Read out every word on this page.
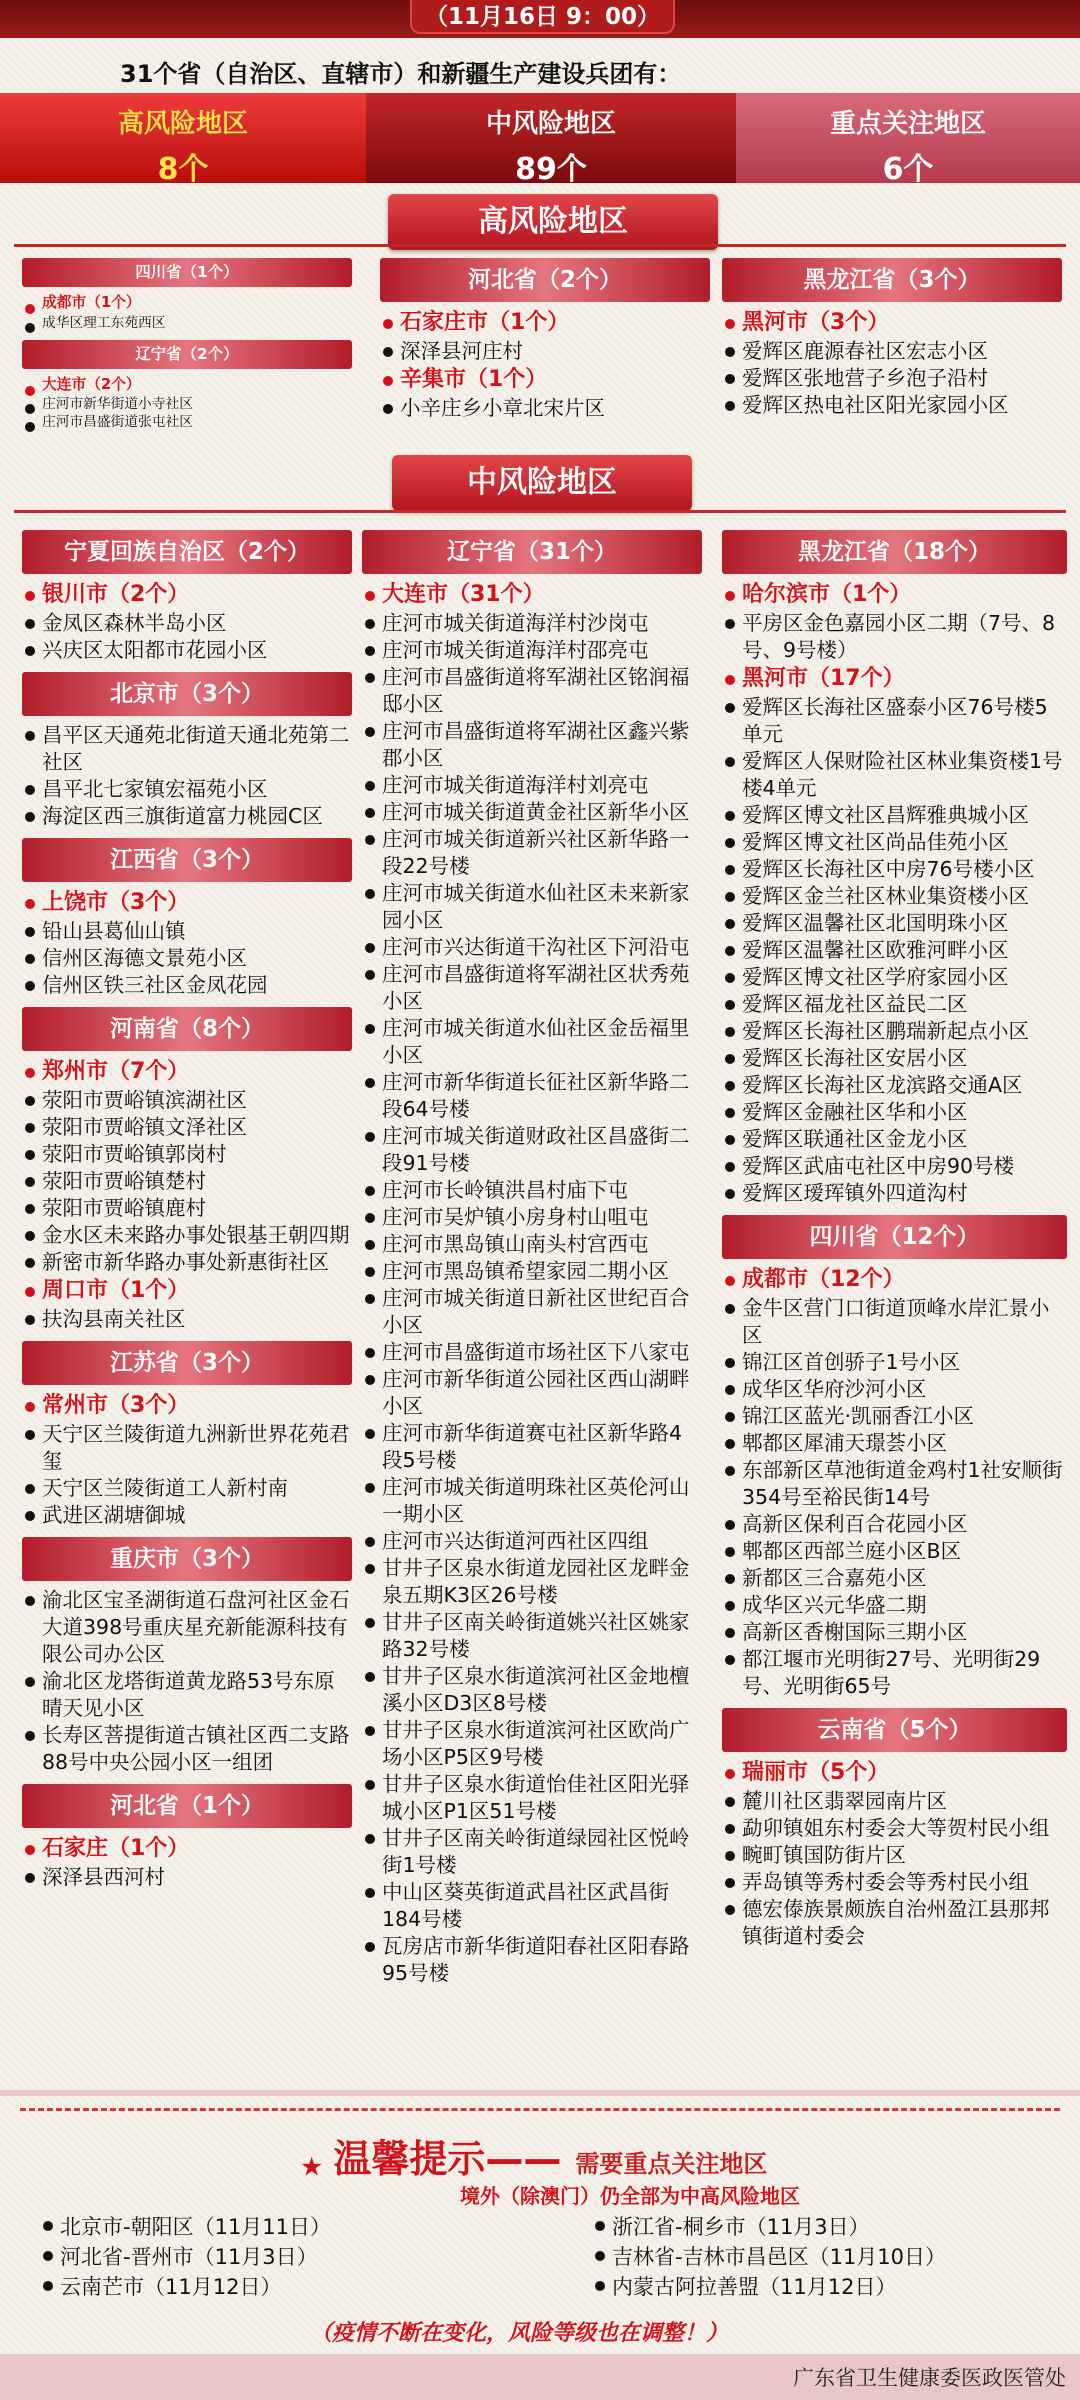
（11月16日 9：00）
31个省（自治区、直辖市）和新疆生产建设兵团有：
高风险地区
8个
中风险地区
89个
重点关注地区
6个
高风险地区
四川省（1个）
成都市（1个）
成华区理工东苑西区
辽宁省（2个）
大连市（2个）
庄河市新华街道小寺社区
庄河市昌盛街道张屯社区
河北省（2个）
石家庄市（1个）
深泽县河庄村
辛集市（1个）
小辛庄乡小章北宋片区
黑龙江省（3个）
黑河市（3个）
爱辉区鹿源春社区宏志小区
爱辉区张地营子乡泡子沿村
爱辉区热电社区阳光家园小区
中风险地区
宁夏回族自治区（2个）
银川市（2个）
金凤区森林半岛小区
兴庆区太阳都市花园小区
北京市（3个）
昌平区天通苑北街道天通北苑第二社区
昌平北七家镇宏福苑小区
海淀区西三旗街道富力桃园C区
江西省（3个）
上饶市（3个）
铅山县葛仙山镇
信州区海德文景苑小区
信州区铁三社区金凤花园
河南省（8个）
郑州市（7个）
荥阳市贾峪镇滨湖社区
荥阳市贾峪镇文泽社区
荥阳市贾峪镇郭岗村
荥阳市贾峪镇楚村
荥阳市贾峪镇鹿村
金水区未来路办事处银基王朝四期
新密市新华路办事处新惠街社区
周口市（1个）
扶沟县南关社区
江苏省（3个）
常州市（3个）
天宁区兰陵街道九洲新世界花苑君玺
天宁区兰陵街道工人新村南
武进区湖塘御城
重庆市（3个）
渝北区宝圣湖街道石盘河社区金石大道398号重庆星充新能源科技有限公司办公区
渝北区龙塔街道黄龙路53号东原晴天见小区
长寿区菩提街道古镇社区西二支路88号中央公园小区一组团
河北省（1个）
石家庄（1个）
深泽县西河村
辽宁省（31个）
大连市（31个）
庄河市城关街道海洋村沙岗屯
庄河市城关街道海洋村邵亮屯
庄河市昌盛街道将军湖社区铭润福邸小区
庄河市昌盛街道将军湖社区鑫兴紫郡小区
庄河市城关街道海洋村刘亮屯
庄河市城关街道黄金社区新华小区
庄河市城关街道新兴社区新华路一段22号楼
庄河市城关街道水仙社区未来新家园小区
庄河市兴达街道干沟社区下河沿屯
庄河市昌盛街道将军湖社区状秀苑小区
庄河市城关街道水仙社区金岳福里小区
庄河市新华街道长征社区新华路二段64号楼
庄河市城关街道财政社区昌盛街二段91号楼
庄河市长岭镇洪昌村庙下屯
庄河市吴炉镇小房身村山咀屯
庄河市黑岛镇山南头村宫西屯
庄河市黑岛镇希望家园二期小区
庄河市城关街道日新社区世纪百合小区
庄河市昌盛街道市场社区下八家屯
庄河市新华街道公园社区西山湖畔小区
庄河市新华街道赛屯社区新华路4段5号楼
庄河市城关街道明珠社区英伦河山一期小区
庄河市兴达街道河西社区四组
甘井子区泉水街道龙园社区龙畔金泉五期K3区26号楼
甘井子区南关岭街道姚兴社区姚家路32号楼
甘井子区泉水街道滨河社区金地檀溪小区D3区8号楼
甘井子区泉水街道滨河社区欧尚广场小区P5区9号楼
甘井子区泉水街道怡佳社区阳光驿城小区P1区51号楼
甘井子区南关岭街道绿园社区悦岭街1号楼
中山区葵英街道武昌社区武昌街184号楼
瓦房店市新华街道阳春社区阳春路95号楼
黑龙江省（18个）
哈尔滨市（1个）
平房区金色嘉园小区二期（7号、8号、9号楼）
黑河市（17个）
爱辉区长海社区盛泰小区76号楼5单元
爱辉区人保财险社区林业集资楼1号楼4单元
爱辉区博文社区昌辉雅典城小区
爱辉区博文社区尚品佳苑小区
爱辉区长海社区中房76号楼小区
爱辉区金兰社区林业集资楼小区
爱辉区温馨社区北国明珠小区
爱辉区温馨社区欧雅河畔小区
爱辉区博文社区学府家园小区
爱辉区福龙社区益民二区
爱辉区长海社区鹏瑞新起点小区
爱辉区长海社区安居小区
爱辉区长海社区龙滨路交通A区
爱辉区金融社区华和小区
爱辉区联通社区金龙小区
爱辉区武庙屯社区中房90号楼
爱辉区瑷珲镇外四道沟村
四川省（12个）
成都市（12个）
金牛区营门口街道顶峰水岸汇景小区
锦江区首创骄子1号小区
成华区华府沙河小区
锦江区蓝光·凯丽香江小区
郫都区犀浦天璟荟小区
东部新区草池街道金鸡村1社安顺街354号至裕民街14号
高新区保利百合花园小区
郫都区西部兰庭小区B区
新都区三合嘉苑小区
成华区兴元华盛二期
高新区香榭国际三期小区
都江堰市光明街27号、光明街29号、光明街65号
云南省（5个）
瑞丽市（5个）
麓川社区翡翠园南片区
勐卯镇姐东村委会大等贺村民小组
畹町镇国防街片区
弄岛镇等秀村委会等秀村民小组
德宏傣族景颇族自治州盈江县那邦镇街道村委会
★ 温馨提示—— 需要重点关注地区
境外（除澳门）仍全部为中高风险地区
北京市-朝阳区（11月11日）
河北省-晋州市（11月3日）
云南芒市（11月12日）
浙江省-桐乡市（11月3日）
吉林省-吉林市昌邑区（11月10日）
内蒙古阿拉善盟（11月12日）
（疫情不断在变化，风险等级也在调整！）
广东省卫生健康委医政医管处
